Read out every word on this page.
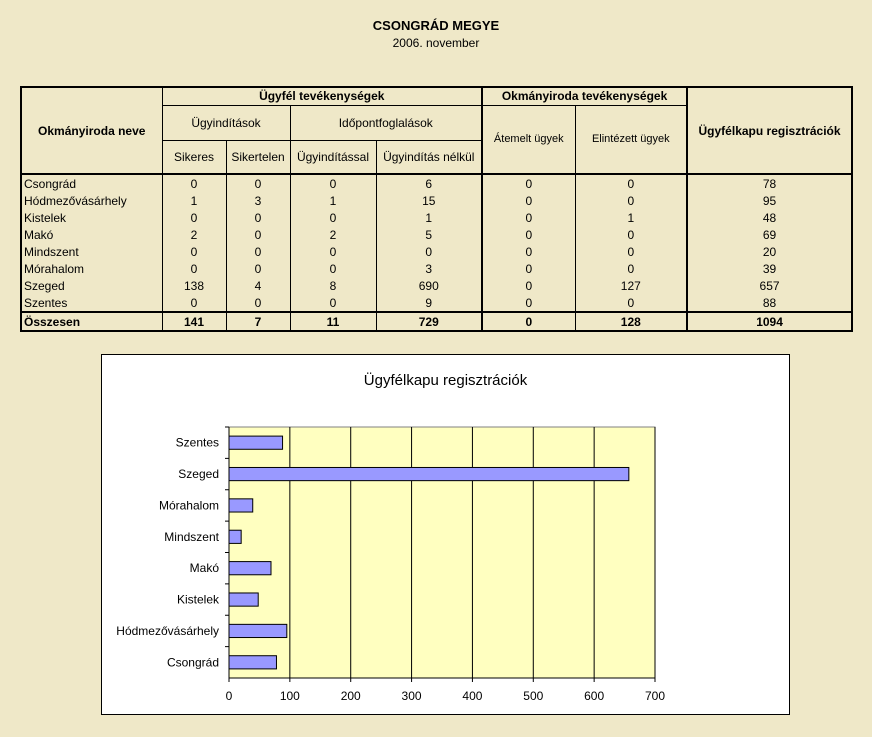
CSONGRÁD MEGYE
2006. november
Okmányiroda neve	Ügyfél tevékenységek				Okmányiroda tevékenységek		Ügyfélkapu regisztrációk
	Ügyindítások		Időpontfoglalások		Átemelt ügyek	Elintézett ügyek	
	Sikeres	Sikertelen	Ügyindítással	Ügyindítás nélkül			
Csongrád	0	0	0	6	0	0	78
Hódmezővásárhely	1	3	1	15	0	0	95
Kistelek	0	0	0	1	0	1	48
Makó	2	0	2	5	0	0	69
Mindszent	0	0	0	0	0	0	20
Mórahalom	0	0	0	3	0	0	39
Szeged	138	4	8	690	0	127	657
Szentes	0	0	0	9	0	0	88
Összesen	141	7	11	729	0	128	1094
Ügyfélkapu regisztrációk
0	100	200	300	400	500	600	700
Szentes
Szeged
Mórahalom
Mindszent
Makó
Kistelek
Hódmezővásárhely
Csongrád
